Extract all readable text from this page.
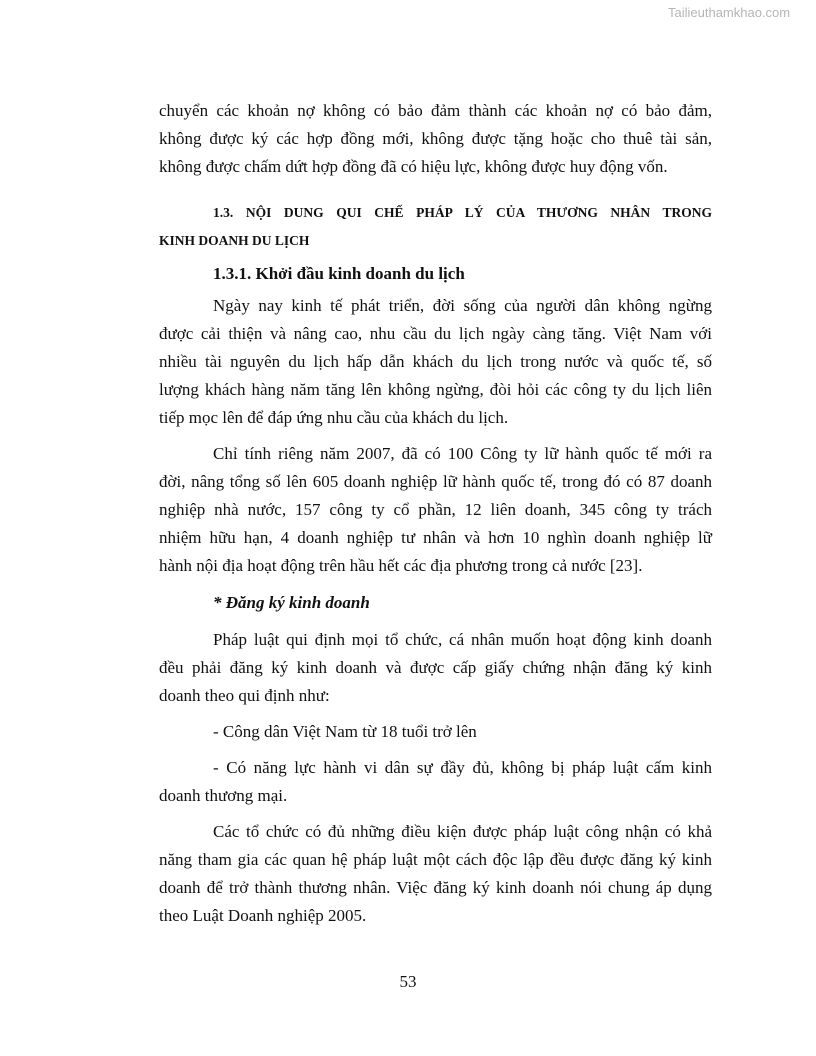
Tailieuthamkhao.com
chuyển các khoản nợ không có bảo đảm thành các khoản nợ có bảo đảm,
không được ký các hợp đồng mới, không được tặng hoặc cho thuê tài sản,
không được chấm dứt hợp đồng đã có hiệu lực, không được huy động vốn.
1.3. NỘI DUNG QUI CHẾ PHÁP LÝ CỦA THƯƠNG NHÂN TRONG
KINH DOANH DU LỊCH
1.3.1. Khởi đầu kinh doanh du lịch
Ngày nay kinh tế phát triển, đời sống của người dân không ngừng
được cải thiện và nâng cao, nhu cầu du lịch ngày càng tăng. Việt Nam với
nhiều tài nguyên du lịch hấp dẫn khách du lịch trong nước và quốc tế, số
lượng khách hàng năm tăng lên không ngừng, đòi hỏi các công ty du lịch liên
tiếp mọc lên để đáp ứng nhu cầu của khách du lịch.
Chỉ tính riêng năm 2007, đã có 100 Công ty lữ hành quốc tế mới ra
đời, nâng tổng số lên 605 doanh nghiệp lữ hành quốc tế, trong đó có 87 doanh
nghiệp nhà nước, 157 công ty cổ phần, 12 liên doanh, 345 công ty trách
nhiệm hữu hạn, 4 doanh nghiệp tư nhân và hơn 10 nghìn doanh nghiệp lữ
hành nội địa hoạt động trên hầu hết các địa phương trong cả nước [23].
* Đăng ký kinh doanh
Pháp luật qui định mọi tổ chức, cá nhân muốn hoạt động kinh doanh
đều phải đăng ký kinh doanh và được cấp giấy chứng nhận đăng ký kinh
doanh theo qui định như:
- Công dân Việt Nam từ 18 tuổi trở lên
- Có năng lực hành vi dân sự đầy đủ, không bị pháp luật cấm kinh
doanh thương mại.
Các tổ chức có đủ những điều kiện được pháp luật công nhận có khả
năng tham gia các quan hệ pháp luật một cách độc lập đều được đăng ký kinh
doanh để trở thành thương nhân. Việc đăng ký kinh doanh nói chung áp dụng
theo Luật Doanh nghiệp 2005.
53
